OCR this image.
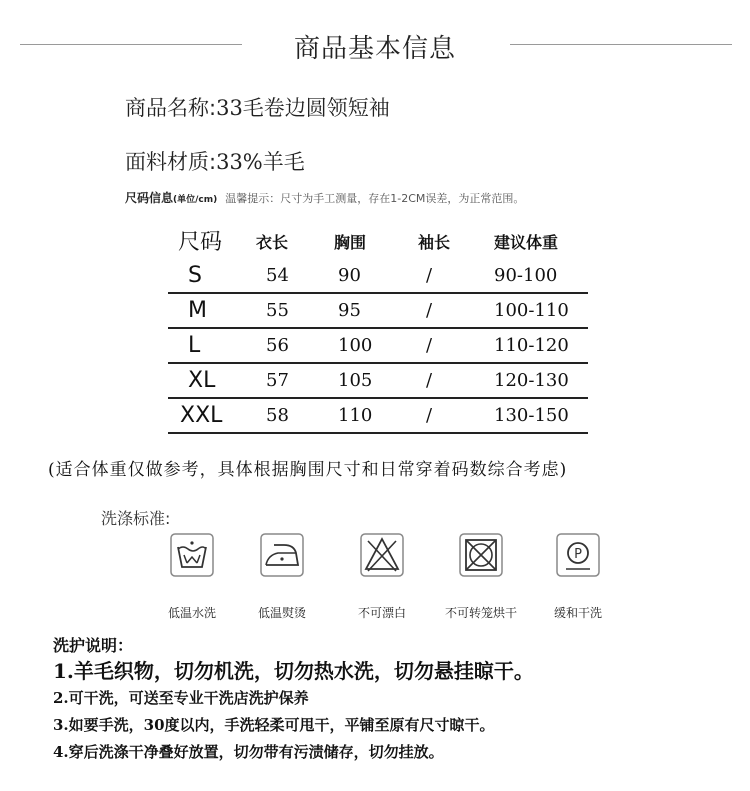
商品基本信息
商品名称:33毛卷边圆领短袖
面料材质:33%羊毛
尺码信息(单位/cm) 温馨提示：尺寸为手工测量，存在1-2CM误差，为正常范围。
尺码 衣长	胸围	袖长	建议体重
S	54	90	/	90-100
M	55	95	/	100-110
L	56	100	/	110-120
XL	57	105	/	120-130
XXL 58	110	/	130-150
(适合体重仅做参考，具体根据胸围尺寸和日常穿着码数综合考虑)
洗涤标准:
低温水洗	低温熨烫	不可漂白	不可转笼烘干
P
缓和干洗
洗护说明：
1.羊毛织物，切勿机洗，切勿热水洗，切勿悬挂晾干。
2.可干洗，可送至专业干洗店洗护保养
3.如要手洗，30度以内，手洗轻柔可甩干，平铺至原有尺寸晾干。
4.穿后洗涤干净叠好放置，切勿带有污渍储存，切勿挂放。
